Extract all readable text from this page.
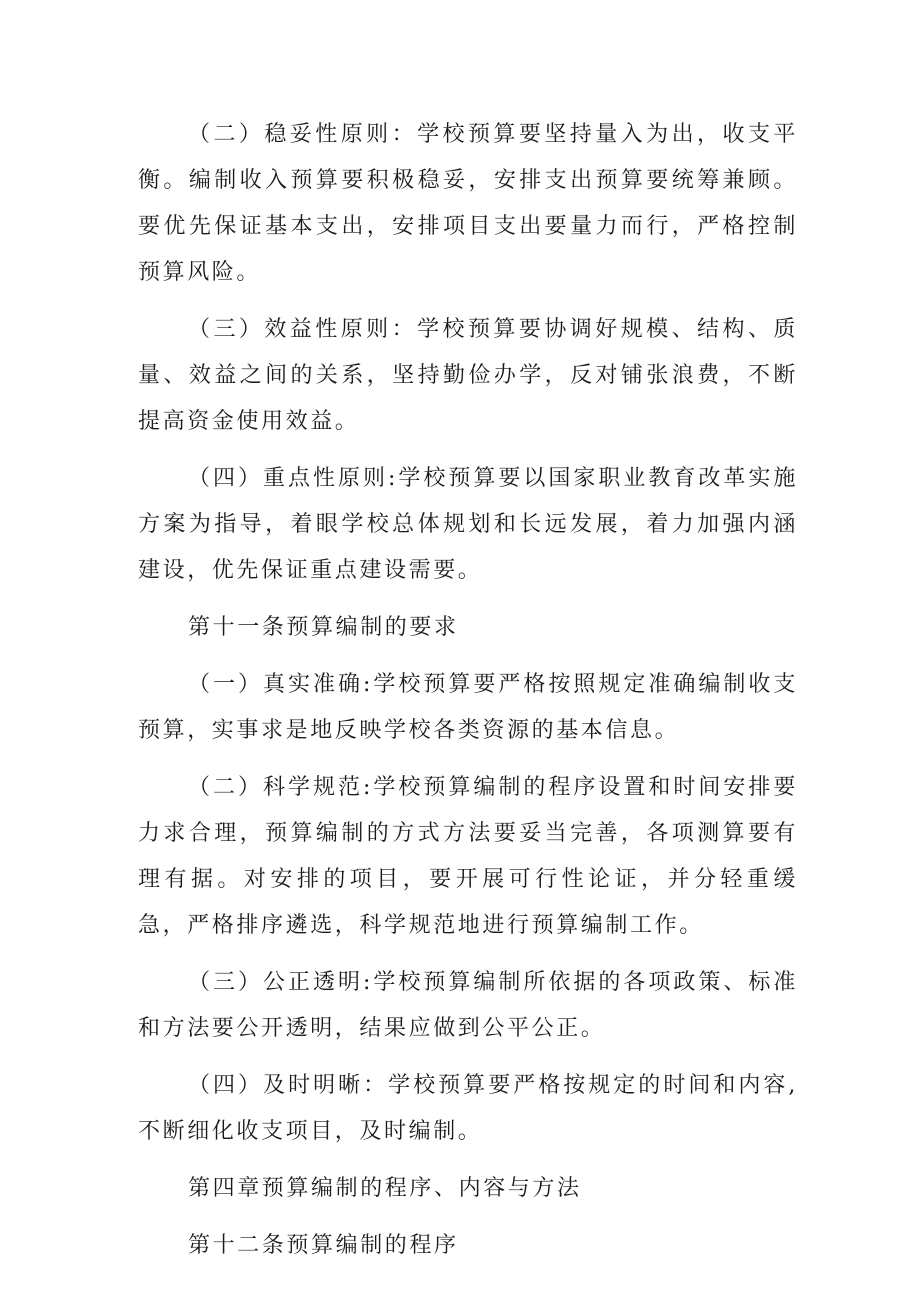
（二）稳妥性原则：学校预算要坚持量入为出，收支平衡。编制收入预算要积极稳妥，安排支出预算要统筹兼顾。要优先保证基本支出，安排项目支出要量力而行，严格控制预算风险。

（三）效益性原则：学校预算要协调好规模、结构、质量、效益之间的关系，坚持勤俭办学，反对铺张浪费，不断提高资金使用效益。

（四）重点性原则:学校预算要以国家职业教育改革实施方案为指导，着眼学校总体规划和长远发展，着力加强内涵建设，优先保证重点建设需要。

第十一条预算编制的要求

（一）真实准确:学校预算要严格按照规定准确编制收支预算，实事求是地反映学校各类资源的基本信息。

（二）科学规范:学校预算编制的程序设置和时间安排要力求合理，预算编制的方式方法要妥当完善，各项测算要有理有据。对安排的项目，要开展可行性论证，并分轻重缓急，严格排序遴选，科学规范地进行预算编制工作。

（三）公正透明:学校预算编制所依据的各项政策、标准和方法要公开透明，结果应做到公平公正。

（四）及时明晰：学校预算要严格按规定的时间和内容,不断细化收支项目，及时编制。

第四章预算编制的程序、内容与方法

第十二条预算编制的程序
